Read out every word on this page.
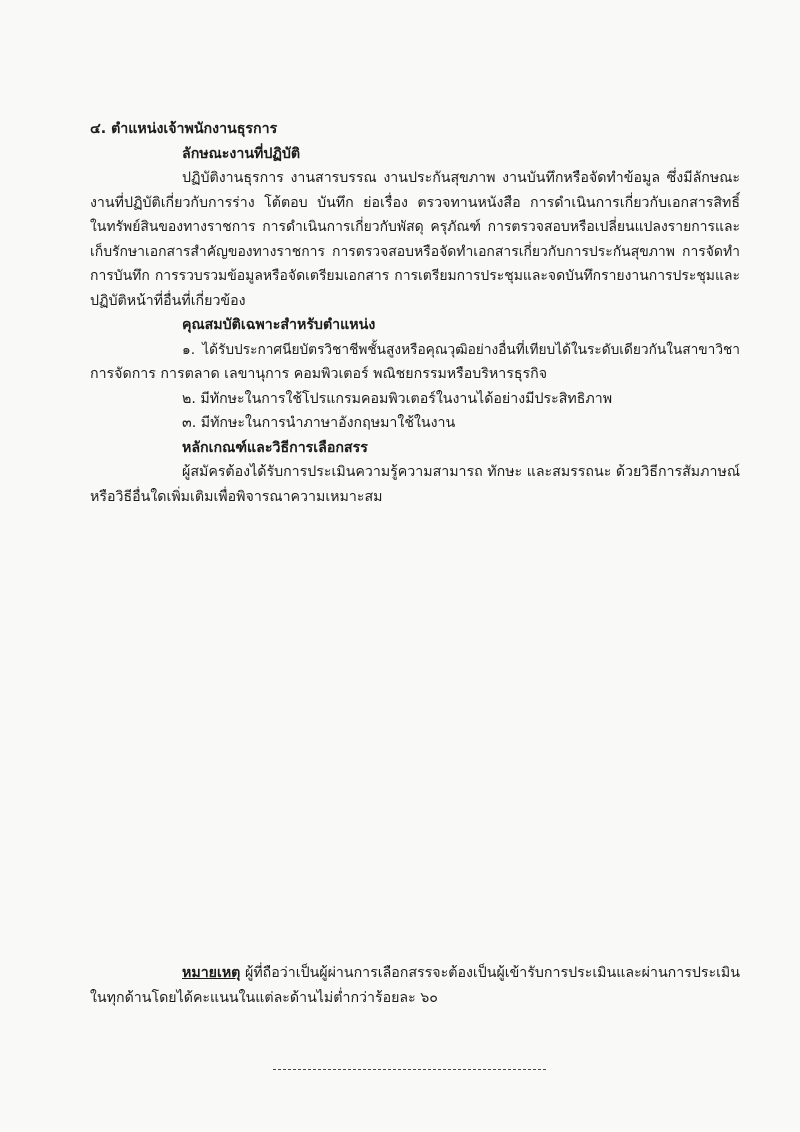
๔. ตำแหน่งเจ้าพนักงานธุรการ
ลักษณะงานที่ปฏิบัติ
ปฏิบัติงานธุรการ งานสารบรรณ งานประกันสุขภาพ งานบันทึกหรือจัดทำข้อมูล ซึ่งมีลักษณะ
งานที่ปฏิบัติเกี่ยวกับการร่าง โต้ตอบ บันทึก ย่อเรื่อง ตรวจทานหนังสือ การดำเนินการเกี่ยวกับเอกสารสิทธิ์
ในทรัพย์สินของทางราชการ การดำเนินการเกี่ยวกับพัสดุ ครุภัณฑ์ การตรวจสอบหรือเปลี่ยนแปลงรายการและ
เก็บรักษาเอกสารสำคัญของทางราชการ การตรวจสอบหรือจัดทำเอกสารเกี่ยวกับการประกันสุขภาพ การจัดทำ
การบันทึก การรวบรวมข้อมูลหรือจัดเตรียมเอกสาร การเตรียมการประชุมและจดบันทึกรายงานการประชุมและ
ปฏิบัติหน้าที่อื่นที่เกี่ยวข้อง
คุณสมบัติเฉพาะสำหรับตำแหน่ง
๑. ได้รับประกาศนียบัตรวิชาชีพชั้นสูงหรือคุณวุฒิอย่างอื่นที่เทียบได้ในระดับเดียวกันในสาขาวิชา
การจัดการ การตลาด เลขานุการ คอมพิวเตอร์ พณิชยกรรมหรือบริหารธุรกิจ
๒. มีทักษะในการใช้โปรแกรมคอมพิวเตอร์ในงานได้อย่างมีประสิทธิภาพ
๓. มีทักษะในการนำภาษาอังกฤษมาใช้ในงาน
หลักเกณฑ์และวิธีการเลือกสรร
ผู้สมัครต้องได้รับการประเมินความรู้ความสามารถ ทักษะ และสมรรถนะ ด้วยวิธีการสัมภาษณ์
หรือวิธีอื่นใดเพิ่มเติมเพื่อพิจารณาความเหมาะสม
หมายเหตุ ผู้ที่ถือว่าเป็นผู้ผ่านการเลือกสรรจะต้องเป็นผู้เข้ารับการประเมินและผ่านการประเมิน
ในทุกด้านโดยได้คะแนนในแต่ละด้านไม่ต่ำกว่าร้อยละ ๖๐
